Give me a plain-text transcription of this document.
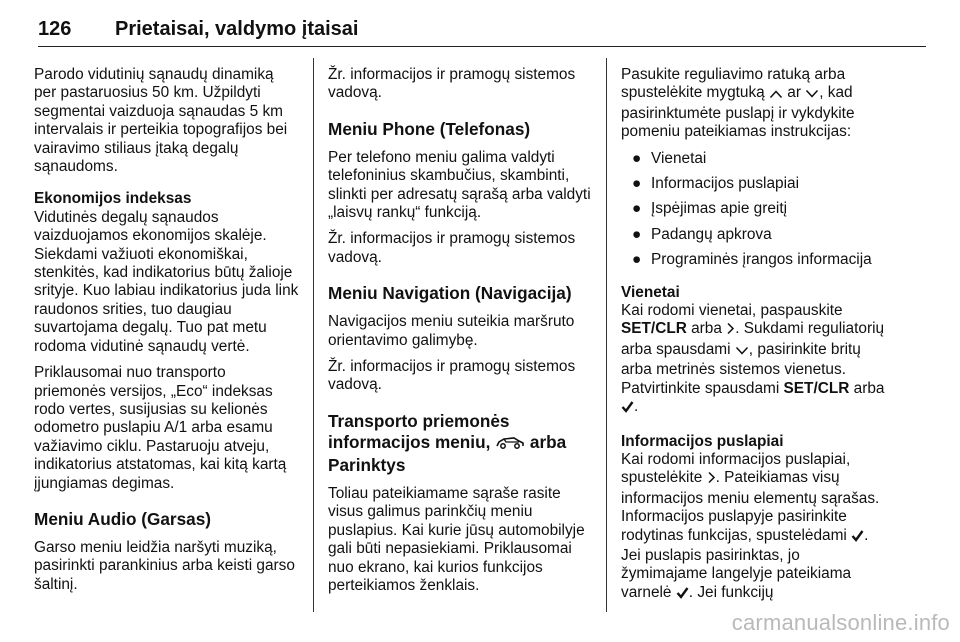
126 Prietaisai, valdymo įtaisai

Parodo vidutinių sąnaudų dinamiką per pastaruosius 50 km. Užpildyti segmentai vaizduoja sąnaudas 5 km intervalais ir perteikia topografijos bei vairavimo stiliaus įtaką degalų sąnaudoms.

Ekonomijos indeksas

Vidutinės degalų sąnaudos vaizduojamos ekonomijos skalėje. Siekdami važiuoti ekonomiškai, stenkitės, kad indikatorius būtų žalioje srityje. Kuo labiau indikatorius juda link raudonos srities, tuo daugiau suvartojama degalų. Tuo pat metu rodoma vidutinė sąnaudų vertė.

Priklausomai nuo transporto priemonės versijos, „Eco“ indeksas rodo vertes, susijusias su kelionės odometro puslapiu A/1 arba esamu važiavimo ciklu. Pastaruoju atveju, indikatorius atstatomas, kai kitą kartą įjungiamas degimas.

Meniu Audio (Garsas)

Garso meniu leidžia naršyti muziką, pasirinkti parankinius arba keisti garso šaltinį.

Žr. informacijos ir pramogų sistemos vadovą.

Meniu Phone (Telefonas)

Per telefono meniu galima valdyti telefoninius skambučius, skambinti, slinkti per adresatų sąrašą arba valdyti „laisvų rankų“ funkciją.

Žr. informacijos ir pramogų sistemos vadovą.

Meniu Navigation (Navigacija)

Navigacijos meniu suteikia maršruto orientavimo galimybę.

Žr. informacijos ir pramogų sistemos vadovą.

Transporto priemonės
informacijos meniu,  arba
Parinktys

Toliau pateikiamame sąraše rasite visus galimus parinkčių meniu puslapius. Kai kurie jūsų automobilyje gali būti nepasiekiami. Priklausomai nuo ekrano, kai kurios funkcijos perteikiamos ženklais.

Pasukite reguliavimo ratuką arba spustelėkite mygtuką  ar , kad pasirinktumėte puslapį ir vykdykite pomeniu pateikiamas instrukcijas:

● Vienetai
● Informacijos puslapiai
● Įspėjimas apie greitį
● Padangų apkrova
● Programinės įrangos informacija
Vienetai

Kai rodomi vienetai, paspauskite SET/CLR arba . Sukdami reguliatorių arba spausdami , pasirinkite britų arba metrinės sistemos vienetus. Patvirtinkite spausdami SET/CLR arba .

Informacijos puslapiai

Kai rodomi informacijos puslapiai, spustelėkite . Pateikiamas visų informacijos meniu elementų sąrašas. Informacijos puslapyje pasirinkite rodytinas funkcijas, spustelėdami . Jei puslapis pasirinktas, jo žymimajame langelyje pateikiama varnelė . Jei funkcijų

carmanualsonline.info
